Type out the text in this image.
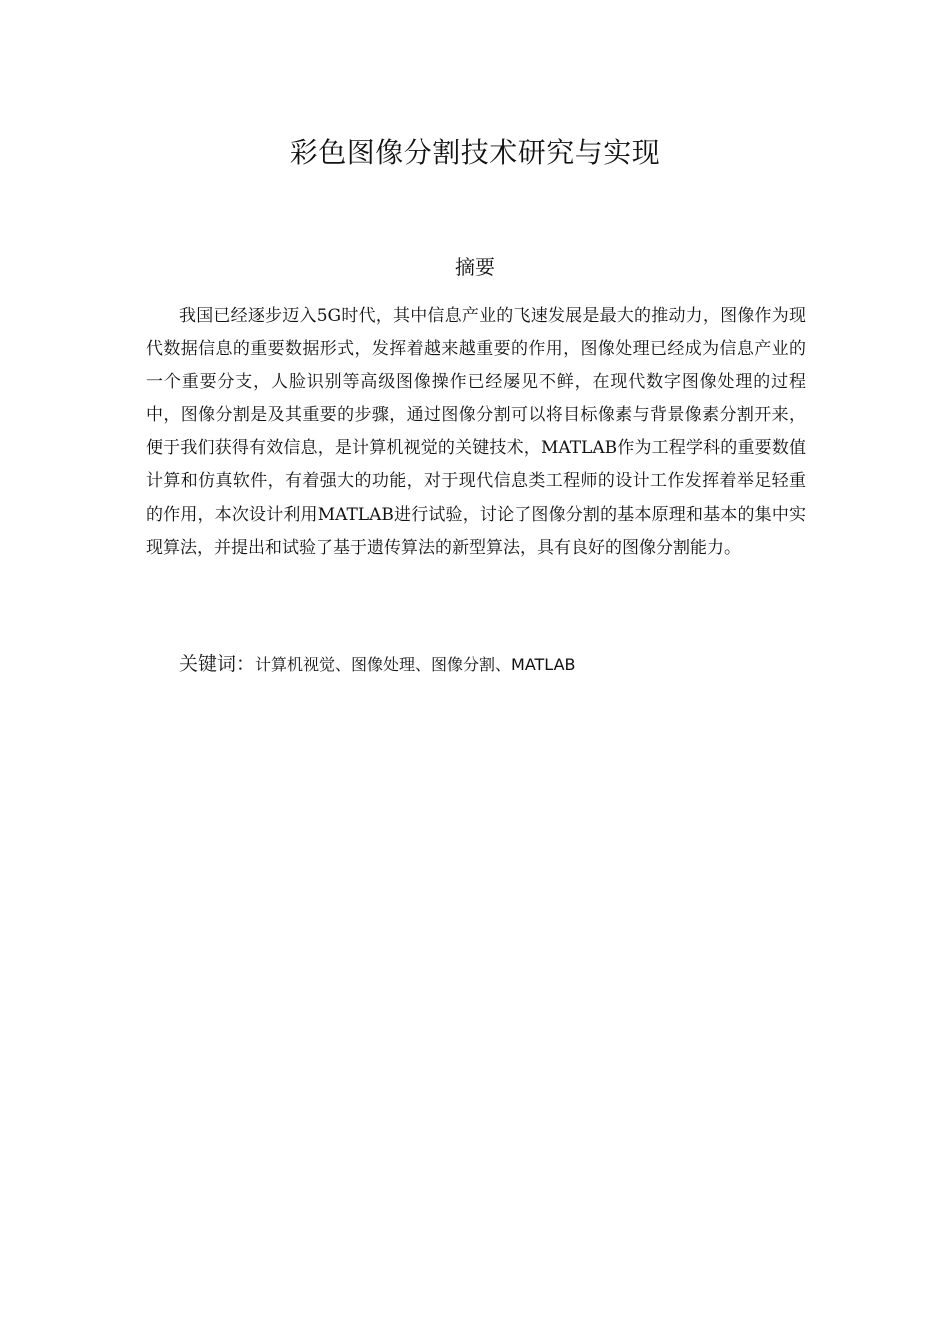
彩色图像分割技术研究与实现
摘要

我国已经逐步迈入5G时代，其中信息产业的飞速发展是最大的推动力，图像作为现代数据信息的重要数据形式，发挥着越来越重要的作用，图像处理已经成为信息产业的一个重要分支，人脸识别等高级图像操作已经屡见不鲜，在现代数字图像处理的过程中，图像分割是及其重要的步骤，通过图像分割可以将目标像素与背景像素分割开来，便于我们获得有效信息，是计算机视觉的关键技术，MATLAB作为工程学科的重要数值计算和仿真软件，有着强大的功能，对于现代信息类工程师的设计工作发挥着举足轻重的作用，本次设计利用MATLAB进行试验，讨论了图像分割的基本原理和基本的集中实现算法，并提出和试验了基于遗传算法的新型算法，具有良好的图像分割能力。

关键词：计算机视觉、图像处理、图像分割、MATLAB
